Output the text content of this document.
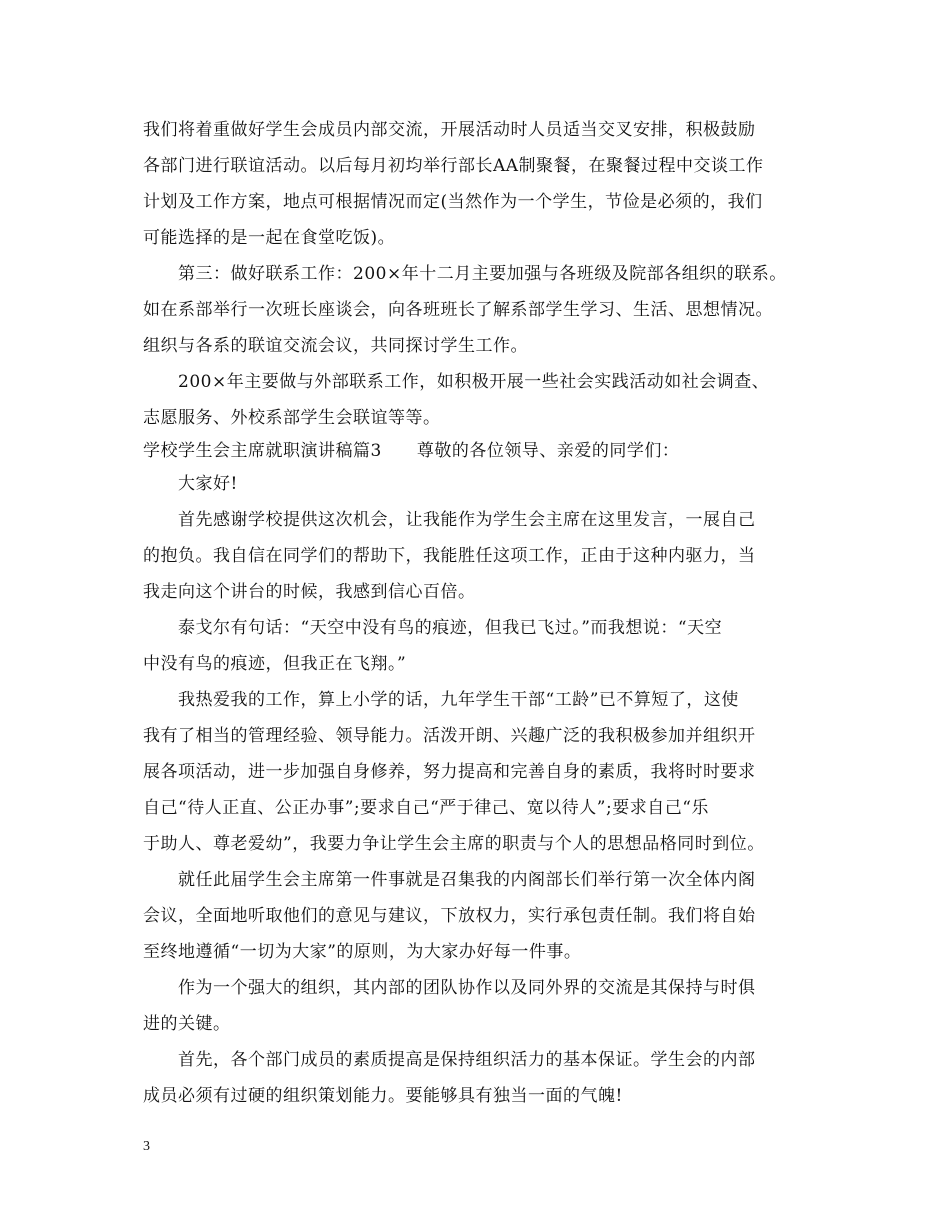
我们将着重做好学生会成员内部交流，开展活动时人员适当交叉安排，积极鼓励
各部门进行联谊活动。以后每月初均举行部长AA制聚餐，在聚餐过程中交谈工作
计划及工作方案，地点可根据情况而定(当然作为一个学生，节俭是必须的，我们
可能选择的是一起在食堂吃饭)。
第三：做好联系工作：200×年十二月主要加强与各班级及院部各组织的联系。
如在系部举行一次班长座谈会，向各班班长了解系部学生学习、生活、思想情况。
组织与各系的联谊交流会议，共同探讨学生工作。
200×年主要做与外部联系工作，如积极开展一些社会实践活动如社会调查、
志愿服务、外校系部学生会联谊等等。
学校学生会主席就职演讲稿篇3　　尊敬的各位领导、亲爱的同学们：
大家好!
首先感谢学校提供这次机会，让我能作为学生会主席在这里发言，一展自己
的抱负。我自信在同学们的帮助下，我能胜任这项工作，正由于这种内驱力，当
我走向这个讲台的时候，我感到信心百倍。
泰戈尔有句话：“天空中没有鸟的痕迹，但我已飞过。”而我想说：“天空
中没有鸟的痕迹，但我正在飞翔。”
我热爱我的工作，算上小学的话，九年学生干部“工龄”已不算短了，这使
我有了相当的管理经验、领导能力。活泼开朗、兴趣广泛的我积极参加并组织开
展各项活动，进一步加强自身修养，努力提高和完善自身的素质，我将时时要求
自己“待人正直、公正办事”;要求自己“严于律己、宽以待人”;要求自己“乐
于助人、尊老爱幼”，我要力争让学生会主席的职责与个人的思想品格同时到位。
就任此届学生会主席第一件事就是召集我的内阁部长们举行第一次全体内阁
会议，全面地听取他们的意见与建议，下放权力，实行承包责任制。我们将自始
至终地遵循“一切为大家”的原则，为大家办好每一件事。
作为一个强大的组织，其内部的团队协作以及同外界的交流是其保持与时俱
进的关键。
首先，各个部门成员的素质提高是保持组织活力的基本保证。学生会的内部
成员必须有过硬的组织策划能力。要能够具有独当一面的气魄!
3
